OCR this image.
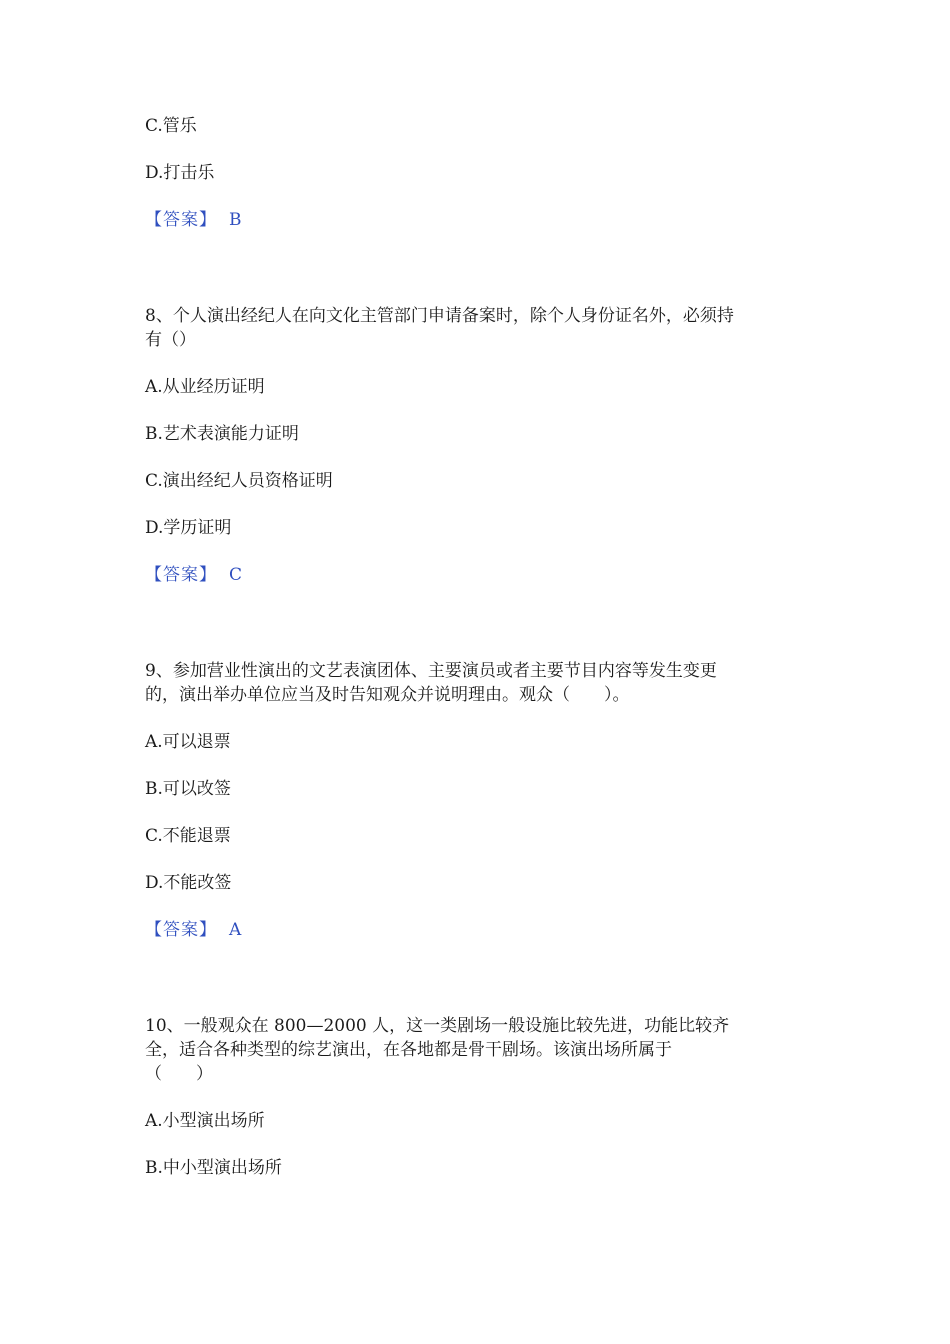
C.管乐
D.打击乐
【答案】 B
8、个人演出经纪人在向文化主管部门申请备案时，除个人身份证名外，必须持
有（）
A.从业经历证明
B.艺术表演能力证明
C.演出经纪人员资格证明
D.学历证明
【答案】 C
9、参加营业性演出的文艺表演团体、主要演员或者主要节目内容等发生变更
的，演出举办单位应当及时告知观众并说明理由。观众（　　）。
A.可以退票
B.可以改签
C.不能退票
D.不能改签
【答案】 A
10、一般观众在 800—2000 人，这一类剧场一般设施比较先进，功能比较齐
全，适合各种类型的综艺演出，在各地都是骨干剧场。该演出场所属于
（　　）
A.小型演出场所
B.中小型演出场所
